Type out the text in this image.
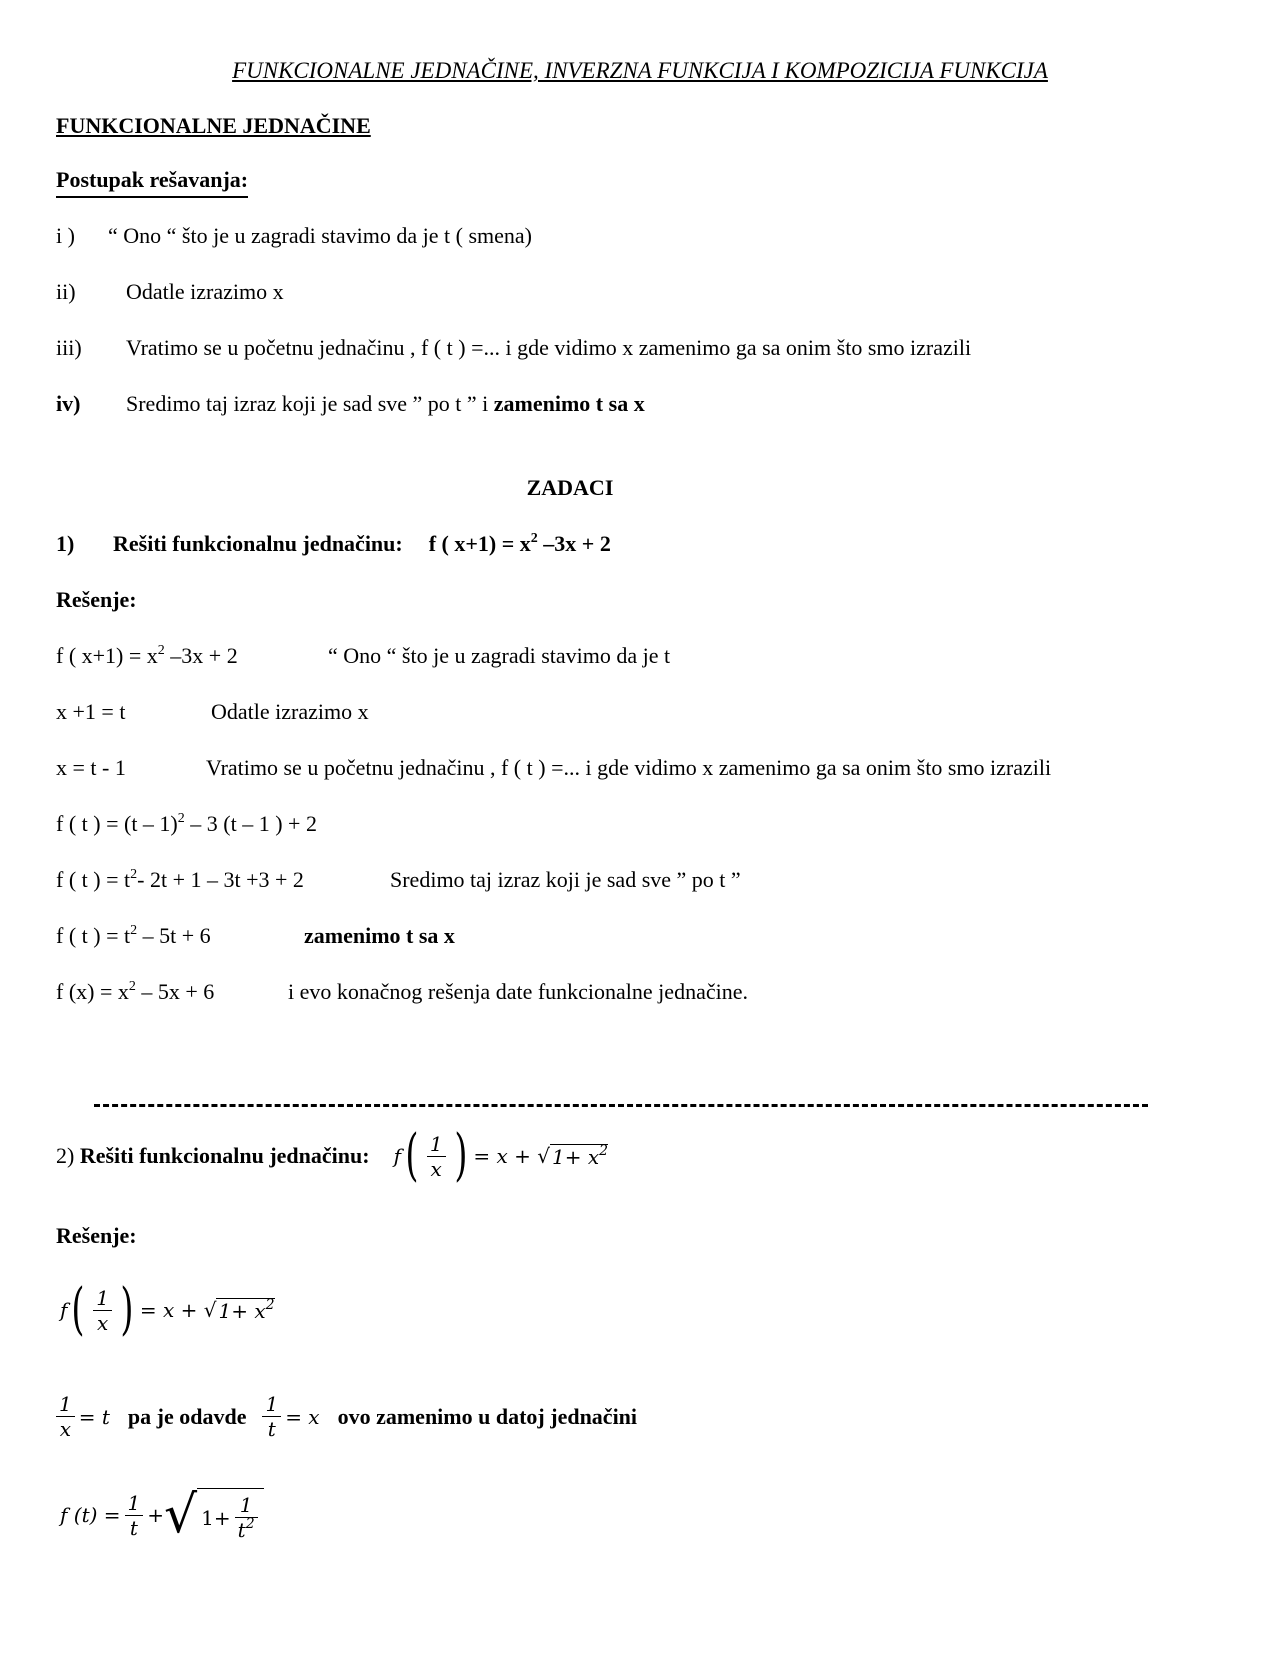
FUNKCIONALNE JEDNAČINE, INVERZNA FUNKCIJA I KOMPOZICIJA FUNKCIJA
FUNKCIONALNE JEDNAČINE
Postupak rešavanja:
i ) “ Ono “ što je u zagradi stavimo da je t ( smena)
ii) Odatle izrazimo x
iii) Vratimo se u početnu jednačinu , f ( t ) =... i gde vidimo x zamenimo ga sa onim što smo izrazili
iv) Sredimo taj izraz koji je sad sve ” po t ” i zamenimo t sa x
ZADACI
1) Rešiti funkcionalnu jednačinu: f ( $x+1) = x^2$ –3x + 2
Rešenje:
f ( $x+1) = x^2$ –3x + 2	“ Ono “ što je u zagradi stavimo da je t
x +1 = t	Odatle izrazimo x
x = t - 1	Vratimo se u početnu jednačinu , f ( t ) =... i gde vidimo x zamenimo ga sa onim što smo izrazili
f ( t ) = (t – 1)$^2$ – 3 (t – 1 ) + 2
f ( t ) = $t^2-$ 2t + 1 – 3t +3 + 2	Sredimo taj izraz koji je sad sve ” po t ”
f ( t ) = $t^2 - 5t + 6$	zamenimo t sa x
f $(x) = x^2 - 5x + 6$	i evo konačnog rešenja date funkcionalne jednačine.
2)
Rešiti funkcionalnu jednačinu: f ( $\frac{1}{x}$ ) = x +
√ $1+ x^2$
Rešenje:
f ( $\frac{1}{x}$ ) = x +
√ $1+ x^2$
$\frac{1}{x} = t$ pa je odavde $\frac{1}{t} = x$ ovo zamenimo u datoj jednačini
f $(t) = \frac{1}{t}$ + √ $1+ \frac{1}{t^2}$
